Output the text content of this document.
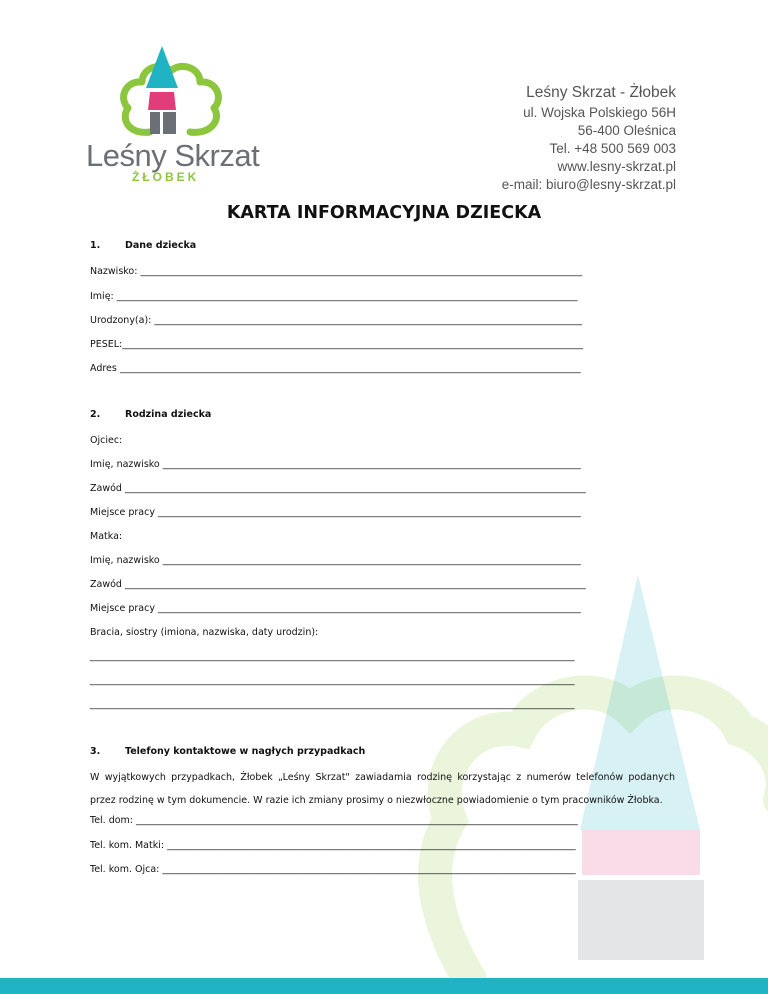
Leśny Skrzat
ŻŁOBEK
Leśny Skrzat - Żłobek
ul. Wojska Polskiego 56H
56-400 Oleśnica
Tel. +48 500 569 003
www.lesny-skrzat.pl
e-mail: biuro@lesny-skrzat.pl
KARTA INFORMACYJNA DZIECKA
1.	Dane dziecka
Nazwisko: _____________________________________________________________________________________________
Imię: _________________________________________________________________________________________________
Urodzony(a): __________________________________________________________________________________________
PESEL:_________________________________________________________________________________________________
Adres _________________________________________________________________________________________________
2.	Rodzina dziecka
Ojciec:
Imię, nazwisko ________________________________________________________________________________________
Zawód _________________________________________________________________________________________________
Miejsce pracy _________________________________________________________________________________________
Matka:
Imię, nazwisko ________________________________________________________________________________________
Zawód _________________________________________________________________________________________________
Miejsce pracy _________________________________________________________________________________________
Bracia, siostry (imiona, nazwiska, daty urodzin):
______________________________________________________________________________________________________
______________________________________________________________________________________________________
______________________________________________________________________________________________________
3.	Telefony kontaktowe w nagłych przypadkach
W wyjątkowych przypadkach, Żłobek „Leśny Skrzat" zawiadamia rodzinę korzystając z numerów telefonów podanych przez rodzinę w tym dokumencie. W razie ich zmiany prosimy o niezwłoczne powiadomienie o tym pracowników Żłobka.
Tel. dom: _____________________________________________________________________________________________
Tel. kom. Matki: ______________________________________________________________________________________
Tel. kom. Ojca: _______________________________________________________________________________________
